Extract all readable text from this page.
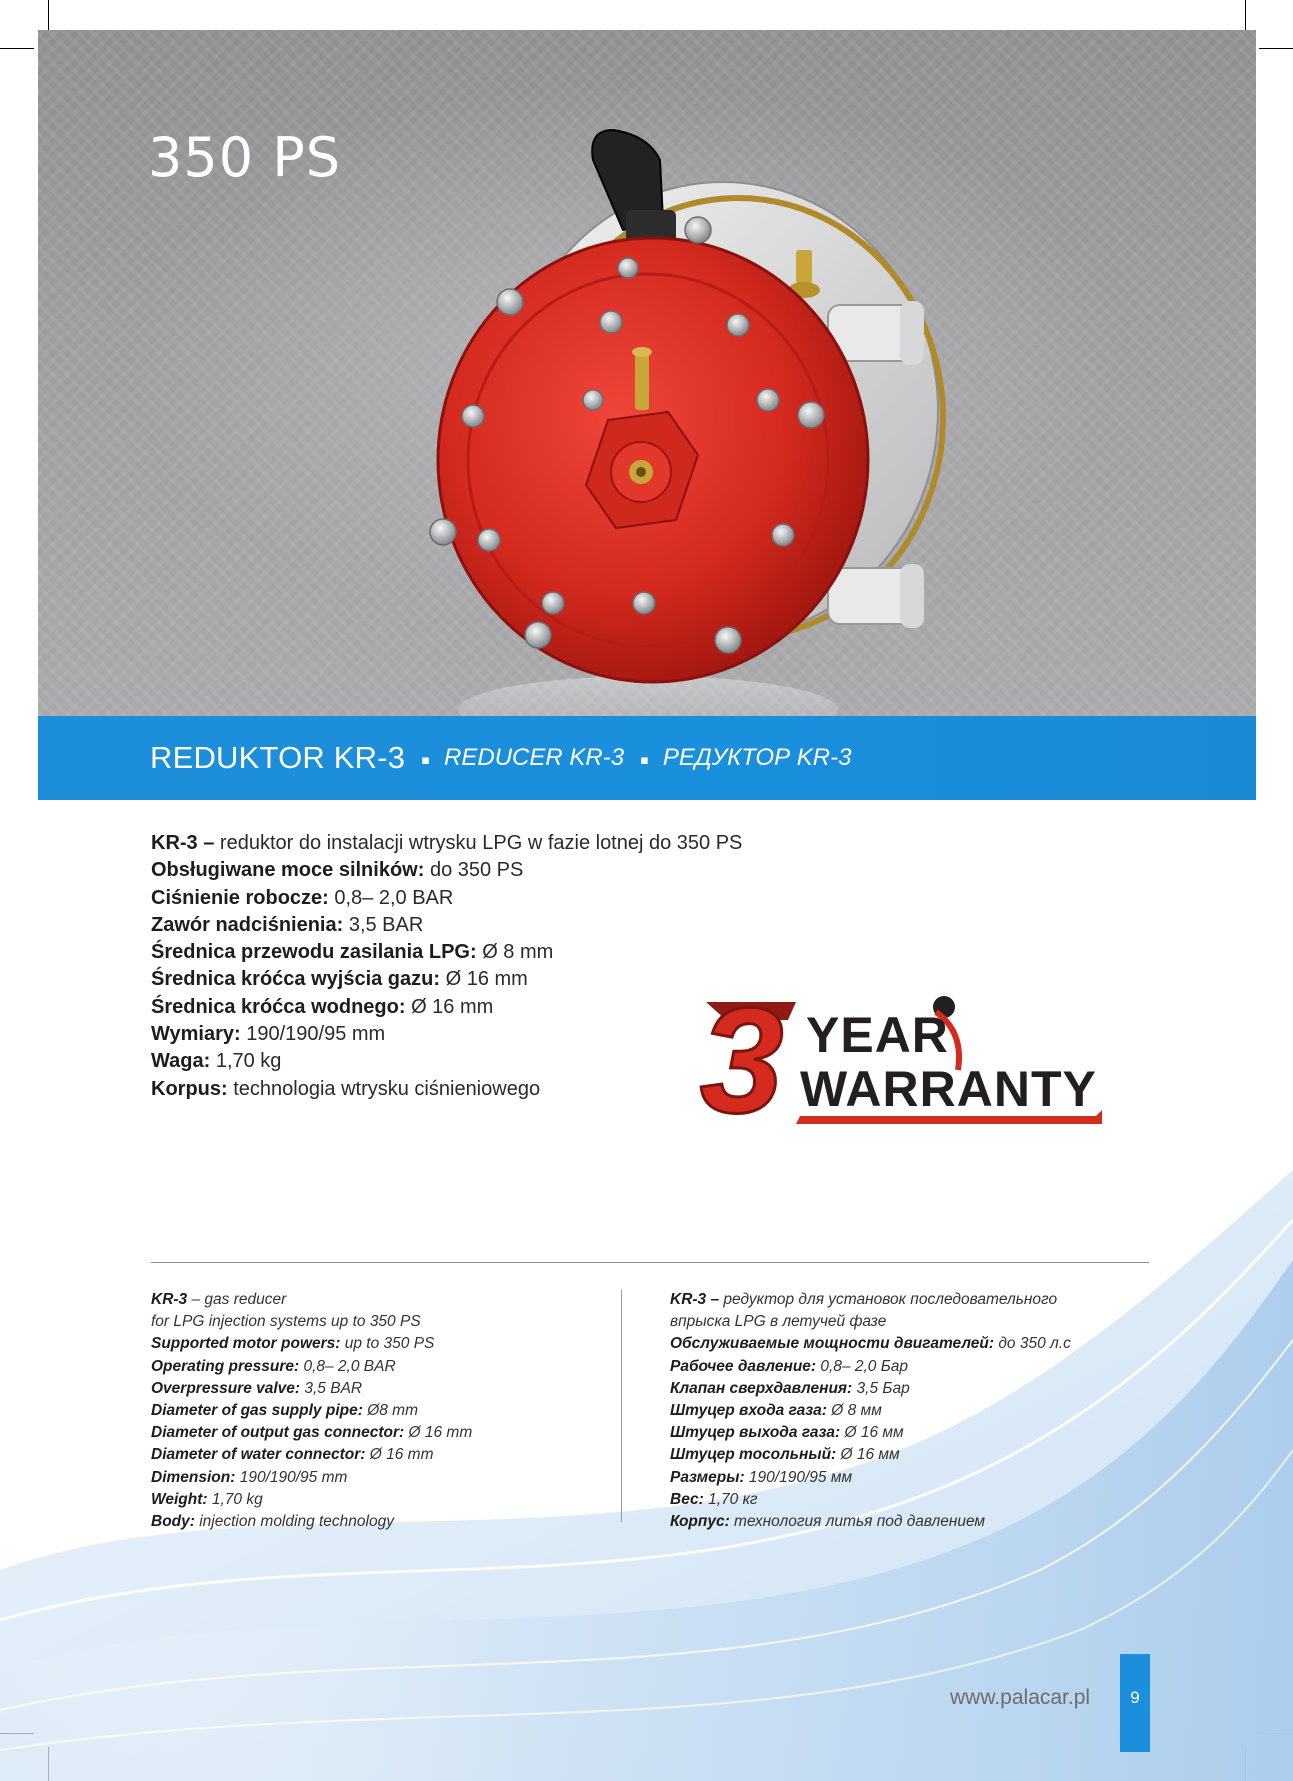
350 PS
REDUKTOR KR-3 ▪ REDUCER KR-3 ▪ РЕДУКТОР KR-3
KR-3 – reduktor do instalacji wtrysku LPG w fazie lotnej do 350 PS
Obsługiwane moce silników: do 350 PS
Ciśnienie robocze: 0,8– 2,0 BAR
Zawór nadciśnienia: 3,5 BAR
Średnica przewodu zasilania LPG: Ø 8 mm
Średnica króćca wyjścia gazu: Ø 16 mm
Średnica króćca wodnego: Ø 16 mm
Wymiary: 190/190/95 mm
Waga: 1,70 kg
Korpus: technologia wtrysku ciśnieniowego	3 YEAR
WARRANTY
KR-3 – gas reducer
for LPG injection systems up to 350 PS
Supported motor powers: up to 350 PS
Operating pressure: 0,8– 2,0 BAR
Overpressure valve: 3,5 BAR
Diameter of gas supply pipe: Ø8 mm
Diameter of output gas connector: Ø 16 mm
Diameter of water connector: Ø 16 mm
Dimension: 190/190/95 mm
Weight: 1,70 kg
Body: injection molding technology
KR-3 – редуктор для установок последовательного
впрыска LPG в летучей фазе
Обслуживаемые мощности двигателей: до 350 л.с
Рабочее давление: 0,8– 2,0 Бар
Клапан сверхдавления: 3,5 Бар
Штуцер входа газа: Ø 8 мм
Штуцер выхода газа: Ø 16 мм
Штуцер тосольный: Ø 16 мм
Размеры: 190/190/95 мм
Вес: 1,70 кг
Корпус: технология литья под давлением
www.palacar.pl	9
